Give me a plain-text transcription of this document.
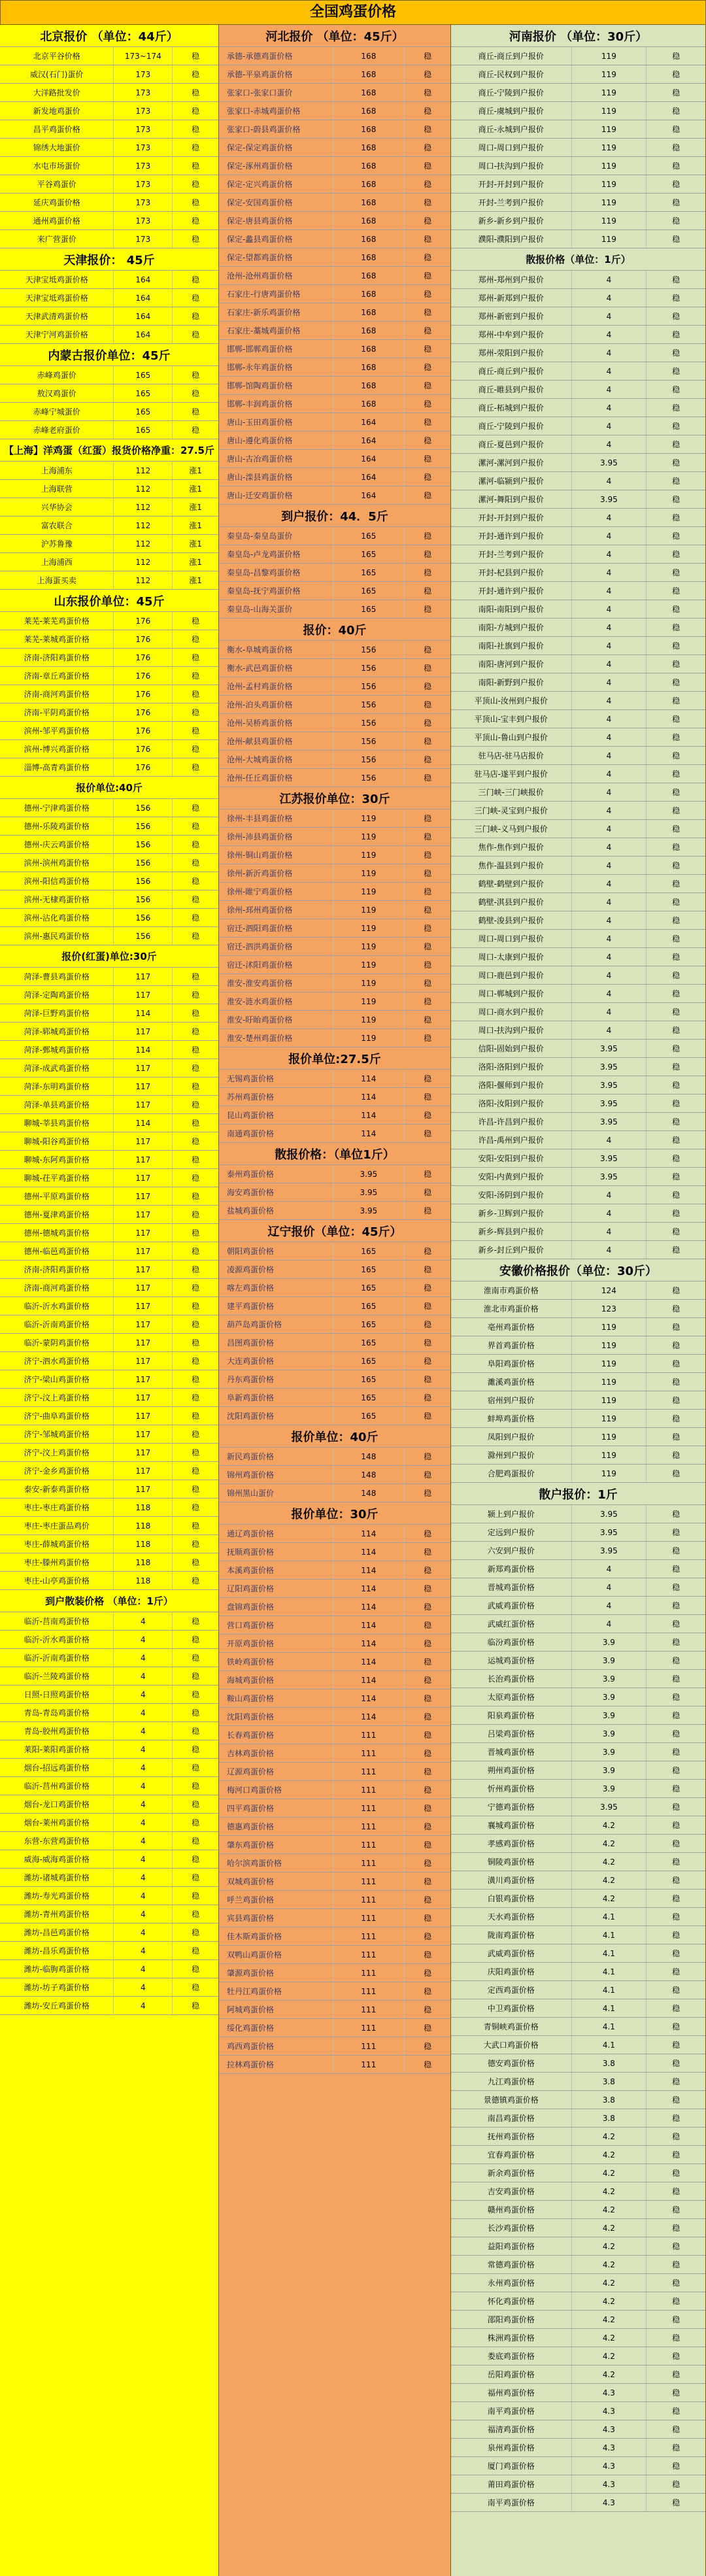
全国鸡蛋价格
北京报价 （单位：44斤）
北京平谷价格	173~174	稳
威汉(石门)蛋价	173	稳
大洋路批发价	173	稳
新发地鸡蛋价	173	稳
昌平鸡蛋价格	173	稳
锦绣大地蛋价	173	稳
水屯市场蛋价	173	稳
平谷鸡蛋价	173	稳
延庆鸡蛋价格	173	稳
通州鸡蛋价格	173	稳
来广营蛋价	173	稳
天津报价： 45斤
天津宝坻鸡蛋价格	164	稳
天津宝坻鸡蛋价格	164	稳
天津武清鸡蛋价格	164	稳
天津宁河鸡蛋价格	164	稳
内蒙古报价单位：45斤
赤峰鸡蛋价	165	稳
敖汉鸡蛋价	165	稳
赤峰宁城蛋价	165	稳
赤峰老府蛋价	165	稳
【上海】洋鸡蛋（红蛋）报货价格净重：27.5斤
上海浦东	112	涨1
上海联营	112	涨1
兴华协会	112	涨1
富农联合	112	涨1
沪苏鲁豫	112	涨1
上海浦西	112	涨1
上海蛋买卖	112	涨1
山东报价单位：45斤
莱芜-莱芜鸡蛋价格	176	稳
莱芜-莱城鸡蛋价格	176	稳
济南-济阳鸡蛋价格	176	稳
济南-章丘鸡蛋价格	176	稳
济南-商河鸡蛋价格	176	稳
济南-平阴鸡蛋价格	176	稳
滨州-邹平鸡蛋价格	176	稳
滨州-博兴鸡蛋价格	176	稳
淄博-高青鸡蛋价格	176	稳
报价单位:40斤
德州-宁津鸡蛋价格	156	稳
德州-乐陵鸡蛋价格	156	稳
德州-庆云鸡蛋价格	156	稳
滨州-滨州鸡蛋价格	156	稳
滨州-阳信鸡蛋价格	156	稳
滨州-无棣鸡蛋价格	156	稳
滨州-沾化鸡蛋价格	156	稳
滨州-惠民鸡蛋价格	156	稳
报价(红蛋)单位:30斤
菏泽-曹县鸡蛋价格	117	稳
菏泽-定陶鸡蛋价格	117	稳
菏泽-巨野鸡蛋价格	114	稳
菏泽-郓城鸡蛋价格	117	稳
菏泽-鄄城鸡蛋价格	114	稳
菏泽-成武鸡蛋价格	117	稳
菏泽-东明鸡蛋价格	117	稳
菏泽-单县鸡蛋价格	117	稳
聊城-莘县鸡蛋价格	114	稳
聊城-阳谷鸡蛋价格	117	稳
聊城-东阿鸡蛋价格	117	稳
聊城-茌平鸡蛋价格	117	稳
德州-平原鸡蛋价格	117	稳
德州-夏津鸡蛋价格	117	稳
德州-德城鸡蛋价格	117	稳
德州-临邑鸡蛋价格	117	稳
济南-济阳鸡蛋价格	117	稳
济南-商河鸡蛋价格	117	稳
临沂-沂水鸡蛋价格	117	稳
临沂-沂南鸡蛋价格	117	稳
临沂-蒙阴鸡蛋价格	117	稳
济宁-泗水鸡蛋价格	117	稳
济宁-梁山鸡蛋价格	117	稳
济宁-汶上鸡蛋价格	117	稳
济宁-曲阜鸡蛋价格	117	稳
济宁-邹城鸡蛋价格	117	稳
济宁-汶上鸡蛋价格	117	稳
济宁-金乡鸡蛋价格	117	稳
泰安-新泰鸡蛋价格	117	稳
枣庄-枣庄鸡蛋价格	118	稳
枣庄-枣庄蛋品鸡价	118	稳
枣庄-薛城鸡蛋价格	118	稳
枣庄-滕州鸡蛋价格	118	稳
枣庄-山亭鸡蛋价格	118	稳
到户散装价格 （单位：1斤）
临沂-莒南鸡蛋价格	4	稳
临沂-沂水鸡蛋价格	4	稳
临沂-沂南鸡蛋价格	4	稳
临沂-兰陵鸡蛋价格	4	稳
日照-日照鸡蛋价格	4	稳
青岛-青岛鸡蛋价格	4	稳
青岛-胶州鸡蛋价格	4	稳
莱阳-莱阳鸡蛋价格	4	稳
烟台-招远鸡蛋价格	4	稳
临沂-莒州鸡蛋价格	4	稳
烟台-龙口鸡蛋价格	4	稳
烟台-莱州鸡蛋价格	4	稳
东营-东营鸡蛋价格	4	稳
威海-威海鸡蛋价格	4	稳
潍坊-诸城鸡蛋价格	4	稳
潍坊-寿光鸡蛋价格	4	稳
潍坊-青州鸡蛋价格	4	稳
潍坊-昌邑鸡蛋价格	4	稳
潍坊-昌乐鸡蛋价格	4	稳
潍坊-临朐鸡蛋价格	4	稳
潍坊-坊子鸡蛋价格	4	稳
潍坊-安丘鸡蛋价格	4	稳
河北报价 （单位：45斤）
承德-承德鸡蛋价格	168	稳
承德-平泉鸡蛋价格	168	稳
张家口-张家口蛋价	168	稳
张家口-赤城鸡蛋价格	168	稳
张家口-蔚县鸡蛋价格	168	稳
保定-保定鸡蛋价格	168	稳
保定-涿州鸡蛋价格	168	稳
保定-定兴鸡蛋价格	168	稳
保定-安国鸡蛋价格	168	稳
保定-唐县鸡蛋价格	168	稳
保定-蠡县鸡蛋价格	168	稳
保定-望都鸡蛋价格	168	稳
沧州-沧州鸡蛋价格	168	稳
石家庄-行唐鸡蛋价格	168	稳
石家庄-新乐鸡蛋价格	168	稳
石家庄-藁城鸡蛋价格	168	稳
邯郸-邯郸鸡蛋价格	168	稳
邯郸-永年鸡蛋价格	168	稳
邯郸-馆陶鸡蛋价格	168	稳
邯郸-丰润鸡蛋价格	168	稳
唐山-玉田鸡蛋价格	164	稳
唐山-遵化鸡蛋价格	164	稳
唐山-古冶鸡蛋价格	164	稳
唐山-滦县鸡蛋价格	164	稳
唐山-迁安鸡蛋价格	164	稳
到户报价：44．5斤
秦皇岛-秦皇岛蛋价	165	稳
秦皇岛-卢龙鸡蛋价格	165	稳
秦皇岛-昌黎鸡蛋价格	165	稳
秦皇岛-抚宁鸡蛋价格	165	稳
秦皇岛-山海关蛋价	165	稳
报价：40斤
衡水-阜城鸡蛋价格	156	稳
衡水-武邑鸡蛋价格	156	稳
沧州-孟村鸡蛋价格	156	稳
沧州-泊头鸡蛋价格	156	稳
沧州-吴桥鸡蛋价格	156	稳
沧州-献县鸡蛋价格	156	稳
沧州-大城鸡蛋价格	156	稳
沧州-任丘鸡蛋价格	156	稳
江苏报价单位：30斤
徐州-丰县鸡蛋价格	119	稳
徐州-沛县鸡蛋价格	119	稳
徐州-铜山鸡蛋价格	119	稳
徐州-新沂鸡蛋价格	119	稳
徐州-睢宁鸡蛋价格	119	稳
徐州-邳州鸡蛋价格	119	稳
宿迁-泗阳鸡蛋价格	119	稳
宿迁-泗洪鸡蛋价格	119	稳
宿迁-沭阳鸡蛋价格	119	稳
淮安-淮安鸡蛋价格	119	稳
淮安-涟水鸡蛋价格	119	稳
淮安-盱眙鸡蛋价格	119	稳
淮安-楚州鸡蛋价格	119	稳
报价单位:27.5斤
无锡鸡蛋价格	114	稳
苏州鸡蛋价格	114	稳
昆山鸡蛋价格	114	稳
南通鸡蛋价格	114	稳
散报价格：（单位1斤）
泰州鸡蛋价格	3.95	稳
海安鸡蛋价格	3.95	稳
盐城鸡蛋价格	3.95	稳
辽宁报价（单位：45斤）
朝阳鸡蛋价格	165	稳
凌源鸡蛋价格	165	稳
喀左鸡蛋价格	165	稳
建平鸡蛋价格	165	稳
葫芦岛鸡蛋价格	165	稳
昌图鸡蛋价格	165	稳
大连鸡蛋价格	165	稳
丹东鸡蛋价格	165	稳
阜新鸡蛋价格	165	稳
沈阳鸡蛋价格	165	稳
报价单位：40斤
新民鸡蛋价格	148	稳
锦州鸡蛋价格	148	稳
锦州黑山蛋价	148	稳
报价单位：30斤
通辽鸡蛋价格	114	稳
抚顺鸡蛋价格	114	稳
本溪鸡蛋价格	114	稳
辽阳鸡蛋价格	114	稳
盘锦鸡蛋价格	114	稳
营口鸡蛋价格	114	稳
开原鸡蛋价格	114	稳
铁岭鸡蛋价格	114	稳
海城鸡蛋价格	114	稳
鞍山鸡蛋价格	114	稳
沈阳鸡蛋价格	114	稳
长春鸡蛋价格	111	稳
吉林鸡蛋价格	111	稳
辽源鸡蛋价格	111	稳
梅河口鸡蛋价格	111	稳
四平鸡蛋价格	111	稳
德惠鸡蛋价格	111	稳
肇东鸡蛋价格	111	稳
哈尔滨鸡蛋价格	111	稳
双城鸡蛋价格	111	稳
呼兰鸡蛋价格	111	稳
宾县鸡蛋价格	111	稳
佳木斯鸡蛋价格	111	稳
双鸭山鸡蛋价格	111	稳
肇源鸡蛋价格	111	稳
牡丹江鸡蛋价格	111	稳
阿城鸡蛋价格	111	稳
绥化鸡蛋价格	111	稳
鸡西鸡蛋价格	111	稳
拉林鸡蛋价格	111	稳
河南报价 （单位：30斤）
商丘-商丘到户报价	119	稳
商丘-民权到户报价	119	稳
商丘-宁陵到户报价	119	稳
商丘-虞城到户报价	119	稳
商丘-永城到户报价	119	稳
周口-周口到户报价	119	稳
周口-扶沟到户报价	119	稳
开封-开封到户报价	119	稳
开封-兰考到户报价	119	稳
新乡-新乡到户报价	119	稳
濮阳-濮阳到户报价	119	稳
散报价格（单位：1斤）
郑州-郑州到户报价	4	稳
郑州-新郑到户报价	4	稳
郑州-新密到户报价	4	稳
郑州-中牟到户报价	4	稳
郑州-荥阳到户报价	4	稳
商丘-商丘到户报价	4	稳
商丘-睢县到户报价	4	稳
商丘-柘城到户报价	4	稳
商丘-宁陵到户报价	4	稳
商丘-夏邑到户报价	4	稳
漯河-漯河到户报价	3.95	稳
漯河-临颍到户报价	4	稳
漯河-舞阳到户报价	3.95	稳
开封-开封到户报价	4	稳
开封-通许到户报价	4	稳
开封-兰考到户报价	4	稳
开封-杞县到户报价	4	稳
开封-通许到户报价	4	稳
南阳-南阳到户报价	4	稳
南阳-方城到户报价	4	稳
南阳-社旗到户报价	4	稳
南阳-唐河到户报价	4	稳
南阳-新野到户报价	4	稳
平顶山-汝州到户报价	4	稳
平顶山-宝丰到户报价	4	稳
平顶山-鲁山到户报价	4	稳
驻马店-驻马店报价	4	稳
驻马店-遂平到户报价	4	稳
三门峡-三门峡报价	4	稳
三门峡-灵宝到户报价	4	稳
三门峡-义马到户报价	4	稳
焦作-焦作到户报价	4	稳
焦作-温县到户报价	4	稳
鹤壁-鹤壁到户报价	4	稳
鹤壁-淇县到户报价	4	稳
鹤壁-浚县到户报价	4	稳
周口-周口到户报价	4	稳
周口-太康到户报价	4	稳
周口-鹿邑到户报价	4	稳
周口-郸城到户报价	4	稳
周口-商水到户报价	4	稳
周口-扶沟到户报价	4	稳
信阳-固始到户报价	3.95	稳
洛阳-洛阳到户报价	3.95	稳
洛阳-偃师到户报价	3.95	稳
洛阳-汝阳到户报价	3.95	稳
许昌-许昌到户报价	3.95	稳
许昌-禹州到户报价	4	稳
安阳-安阳到户报价	3.95	稳
安阳-内黄到户报价	3.95	稳
安阳-汤阴到户报价	4	稳
新乡-卫辉到户报价	4	稳
新乡-辉县到户报价	4	稳
新乡-封丘到户报价	4	稳
安徽价格报价（单位：30斤）
淮南市鸡蛋价格	124	稳
淮北市鸡蛋价格	123	稳
亳州鸡蛋价格	119	稳
界首鸡蛋价格	119	稳
阜阳鸡蛋价格	119	稳
濉溪鸡蛋价格	119	稳
宿州到户报价	119	稳
蚌埠鸡蛋价格	119	稳
凤阳到户报价	119	稳
滁州到户报价	119	稳
合肥鸡蛋报价	119	稳
散户报价：1斤
颍上到户报价	3.95	稳
定远到户报价	3.95	稳
六安到户报价	3.95	稳
新郑鸡蛋价格	4	稳
晋城鸡蛋价格	4	稳
武威鸡蛋价格	4	稳
武威红蛋价格	4	稳
临汾鸡蛋价格	3.9	稳
运城鸡蛋价格	3.9	稳
长治鸡蛋价格	3.9	稳
太原鸡蛋价格	3.9	稳
阳泉鸡蛋价格	3.9	稳
吕梁鸡蛋价格	3.9	稳
晋城鸡蛋价格	3.9	稳
朔州鸡蛋价格	3.9	稳
忻州鸡蛋价格	3.9	稳
宁德鸡蛋价格	3.95	稳
襄城鸡蛋价格	4.2	稳
孝感鸡蛋价格	4.2	稳
铜陵鸡蛋价格	4.2	稳
潢川鸡蛋价格	4.2	稳
白银鸡蛋价格	4.2	稳
天水鸡蛋价格	4.1	稳
陇南鸡蛋价格	4.1	稳
武威鸡蛋价格	4.1	稳
庆阳鸡蛋价格	4.1	稳
定西鸡蛋价格	4.1	稳
中卫鸡蛋价格	4.1	稳
青铜峡鸡蛋价格	4.1	稳
大武口鸡蛋价格	4.1	稳
德安鸡蛋价格	3.8	稳
九江鸡蛋价格	3.8	稳
景德镇鸡蛋价格	3.8	稳
南昌鸡蛋价格	3.8	稳
抚州鸡蛋价格	4.2	稳
宜春鸡蛋价格	4.2	稳
新余鸡蛋价格	4.2	稳
吉安鸡蛋价格	4.2	稳
赣州鸡蛋价格	4.2	稳
长沙鸡蛋价格	4.2	稳
益阳鸡蛋价格	4.2	稳
常德鸡蛋价格	4.2	稳
永州鸡蛋价格	4.2	稳
怀化鸡蛋价格	4.2	稳
邵阳鸡蛋价格	4.2	稳
株洲鸡蛋价格	4.2	稳
娄底鸡蛋价格	4.2	稳
岳阳鸡蛋价格	4.2	稳
福州鸡蛋价格	4.3	稳
南平鸡蛋价格	4.3	稳
福清鸡蛋价格	4.3	稳
泉州鸡蛋价格	4.3	稳
厦门鸡蛋价格	4.3	稳
莆田鸡蛋价格	4.3	稳
南平鸡蛋价格	4.3	稳
